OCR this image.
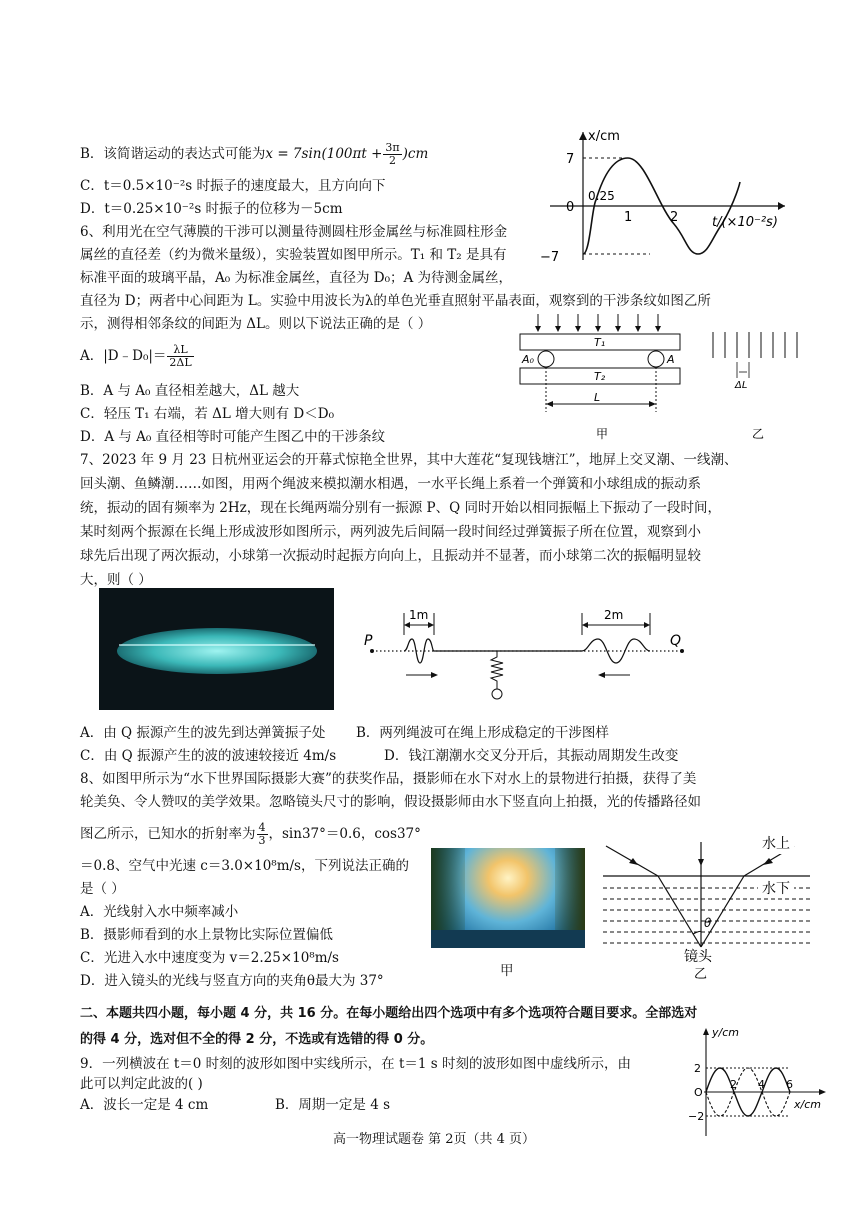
B．该简谐运动的表达式可能为$x = 7\sin(100\pi t + \frac{3\pi}{2} )cm$
C．t＝0.5×10⁻²s 时振子的速度最大，且方向向下
D．t＝0.25×10⁻²s 时振子的位移为－5cm
x/cm
7
0
0.25
1	2	t/(×10⁻²s)
−7
6、利用光在空气薄膜的干涉可以测量待测圆柱形金属丝与标准圆柱形金
属丝的直径差（约为微米量级），实验装置如图甲所示。T₁ 和 T₂ 是具有
标准平面的玻璃平晶，A₀ 为标准金属丝，直径为 D₀；A 为待测金属丝，
直径为 D；两者中心间距为 L。实验中用波长为λ的单色光垂直照射平晶表面，观察到的干涉条纹如图乙所
示，测得相邻条纹的间距为 ΔL。则以下说法正确的是（ ）
A．|D﹣D₀|＝ $\frac{\lambda L}{2\Delta L}$
B．A 与 A₀ 直径相差越大，ΔL 越大
C．轻压 T₁ 右端，若 ΔL 增大则有 D＜D₀
D．A 与 A₀ 直径相等时可能产生图乙中的干涉条纹
T₁
T₂
A₀	A
L
甲
ΔL
乙
7、2023 年 9 月 23 日杭州亚运会的开幕式惊艳全世界，其中大莲花“复现钱塘江”，地屏上交叉潮、一线潮、
回头潮、鱼鳞潮……如图，用两个绳波来模拟潮水相遇，一水平长绳上系着一个弹簧和小球组成的振动系
统，振动的固有频率为 2Hz，现在长绳两端分别有一振源 P、Q 同时开始以相同振幅上下振动了一段时间，
某时刻两个振源在长绳上形成波形如图所示，两列波先后间隔一段时间经过弹簧振子所在位置，观察到小
球先后出现了两次振动，小球第一次振动时起振方向向上，且振动并不显著，而小球第二次的振幅明显较
大，则（ ）
P	Q
1m	2m
A．由 Q 振源产生的波先到达弹簧振子处 B．两列绳波可在绳上形成稳定的干涉图样
C．由 Q 振源产生的波的波速较接近 4m/s	D．钱江潮潮水交叉分开后，其振动周期发生改变
8、如图甲所示为“水下世界国际摄影大赛”的获奖作品，摄影师在水下对水上的景物进行拍摄，获得了美
轮美奂、令人赞叹的美学效果。忽略镜头尺寸的影响，假设摄影师由水下竖直向上拍摄，光的传播路径如
图乙所示，已知水的折射率为 $\frac{4}{3}$ ，sin37°＝0.6，cos37°
＝0.8、空气中光速 c＝3.0×10⁸m/s，下列说法正确的
是（ ）
A．光线射入水中频率减小
B．摄影师看到的水上景物比实际位置偏低
C．光进入水中速度变为 v＝2.25×10⁸m/s
D．进入镜头的光线与竖直方向的夹角θ最大为 37°
甲
水上
水下
θ
镜头
乙
二、本题共四小题，每小题 4 分，共 16 分。在每小题给出四个选项中有多个选项符合题目要求。全部选对
的得 4 分，选对但不全的得 2 分，不选或有选错的得 0 分。
9．一列横波在 t＝0 时刻的波形如图中实线所示，在 t＝1 s 时刻的波形如图中虚线所示，由
此可以判定此波的( )
A．波长一定是 4 cm	B．周期一定是 4 s
y/cm
2
O
−2
2 4 6
x/cm
高一物理试题卷 第 2页（共 4 页）
